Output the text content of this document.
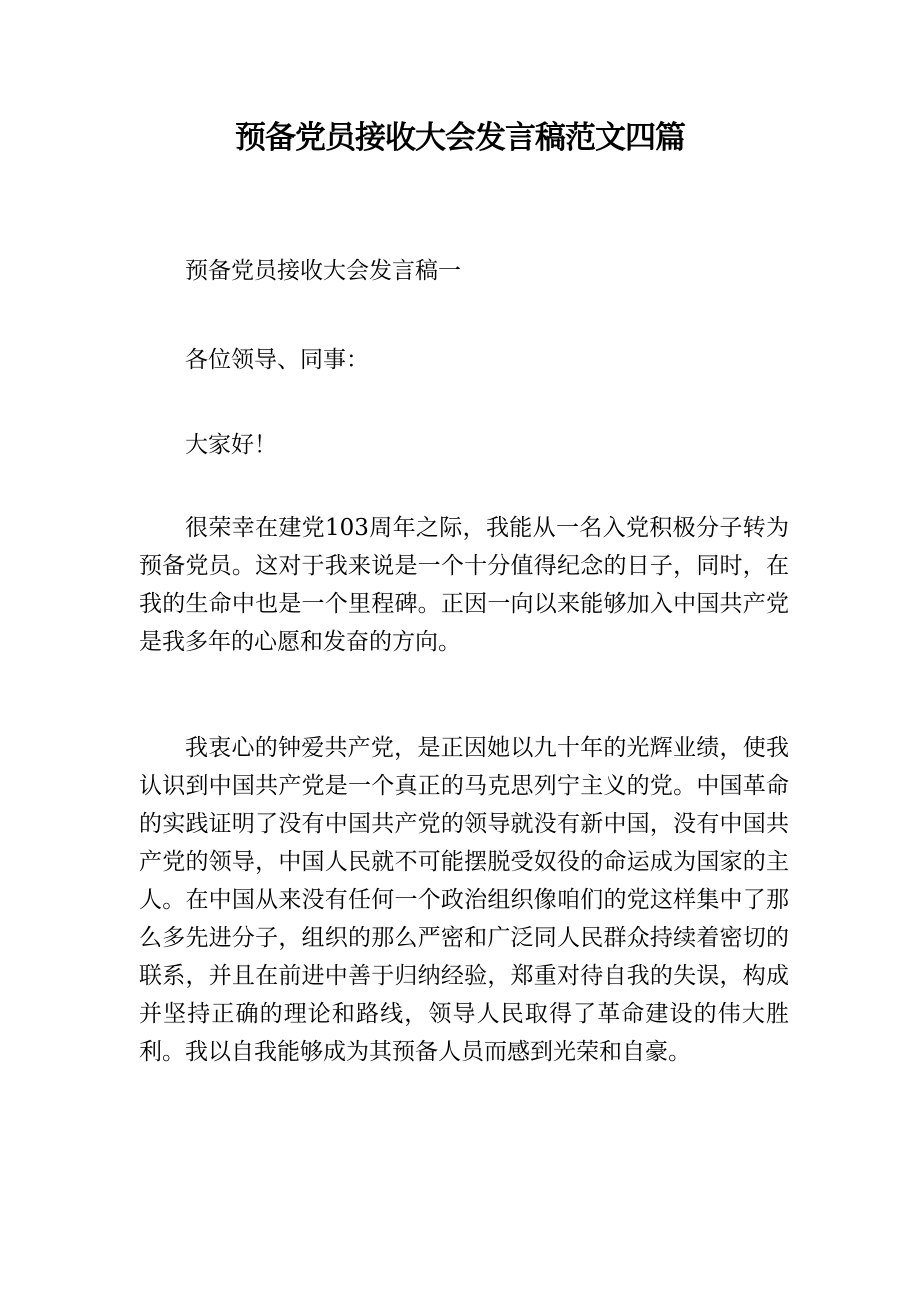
预备党员接收大会发言稿范文四篇

预备党员接收大会发言稿一

各位领导、同事：

大家好！

很荣幸在建党103周年之际，我能从一名入党积极分子转为预备党员。这对于我来说是一个十分值得纪念的日子，同时，在我的生命中也是一个里程碑。正因一向以来能够加入中国共产党是我多年的心愿和发奋的方向。

我衷心的钟爱共产党，是正因她以九十年的光辉业绩，使我认识到中国共产党是一个真正的马克思列宁主义的党。中国革命的实践证明了没有中国共产党的领导就没有新中国，没有中国共产党的领导，中国人民就不可能摆脱受奴役的命运成为国家的主人。在中国从来没有任何一个政治组织像咱们的党这样集中了那么多先进分子，组织的那么严密和广泛同人民群众持续着密切的联系，并且在前进中善于归纳经验，郑重对待自我的失误，构成并坚持正确的理论和路线，领导人民取得了革命建设的伟大胜利。我以自我能够成为其预备人员而感到光荣和自豪。
